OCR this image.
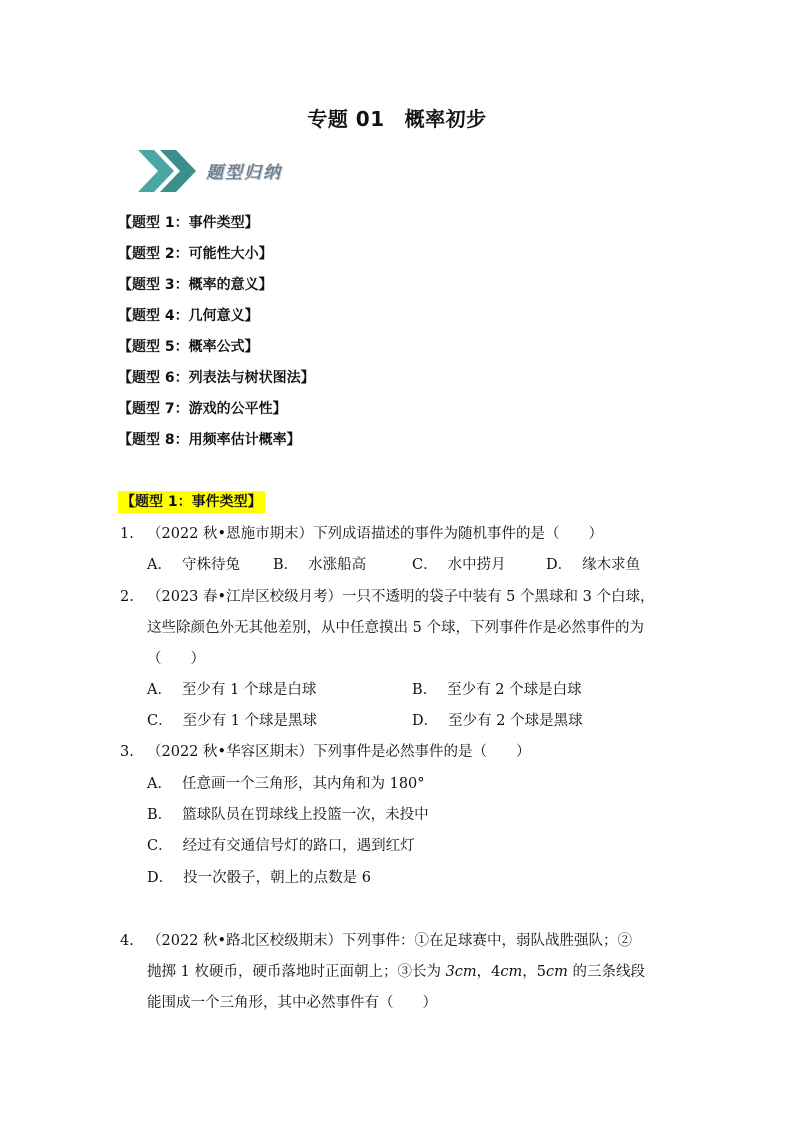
专题 01 概率初步
题型归纳
【题型 1：事件类型】
【题型 2：可能性大小】
【题型 3：概率的意义】
【题型 4：几何意义】
【题型 5：概率公式】
【题型 6：列表法与树状图法】
【题型 7：游戏的公平性】
【题型 8：用频率估计概率】
【题型 1：事件类型】
1. （2022 秋•恩施市期末）下列成语描述的事件为随机事件的是（　　）
A． 守株待兔 B． 水涨船高	C． 水中捞月	D． 缘木求鱼
2. （2023 春•江岸区校级月考）一只不透明的袋子中装有 5 个黑球和 3 个白球，
这些除颜色外无其他差别，从中任意摸出 5 个球，下列事件作是必然事件的为
（　　）
A． 至少有 1 个球是白球	B． 至少有 2 个球是白球
C． 至少有 1 个球是黑球	D． 至少有 2 个球是黑球
3. （2022 秋•华容区期末）下列事件是必然事件的是（　　）
A． 任意画一个三角形，其内角和为 180°
B． 篮球队员在罚球线上投篮一次，未投中
C． 经过有交通信号灯的路口，遇到红灯
D． 投一次骰子，朝上的点数是 6
4. （2022 秋•路北区校级期末）下列事件：①在足球赛中，弱队战胜强队；②
抛掷 1 枚硬币，硬币落地时正面朝上；③长为 3cm，4cm，5cm 的三条线段
能围成一个三角形，其中必然事件有（　　）
